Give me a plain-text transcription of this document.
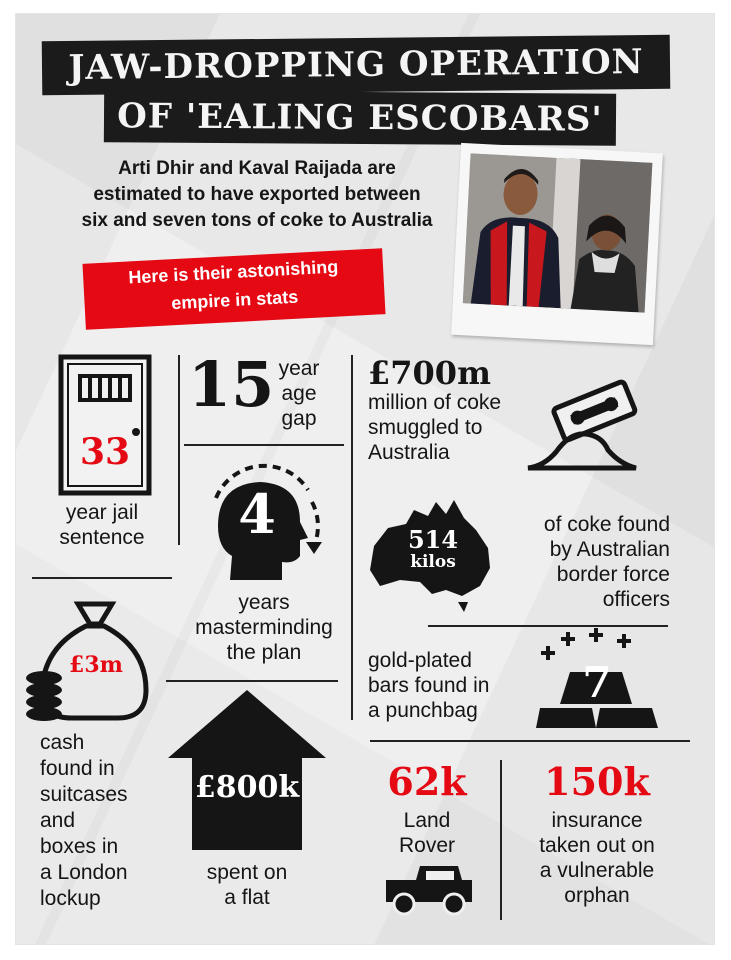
JAW-DROPPING OPERATION
OF 'EALING ESCOBARS'
Arti Dhir and Kaval Raijada are
estimated to have exported between
six and seven tons of coke to Australia
Here is their astonishing
empire in stats
33
year jail
sentence
15 year
age
gap
4
years
masterminding
the plan
£700m
million of coke
smuggled to
Australia
514
kilos
of coke found
by Australian
border force
officers
£3m
cash
found in
suitcases
and
boxes in
a London
lockup
gold-plated
bars found in
a punchbag
7
£800k
spent on
a flat
62k
Land
Rover
150k
insurance
taken out on
a vulnerable
orphan
